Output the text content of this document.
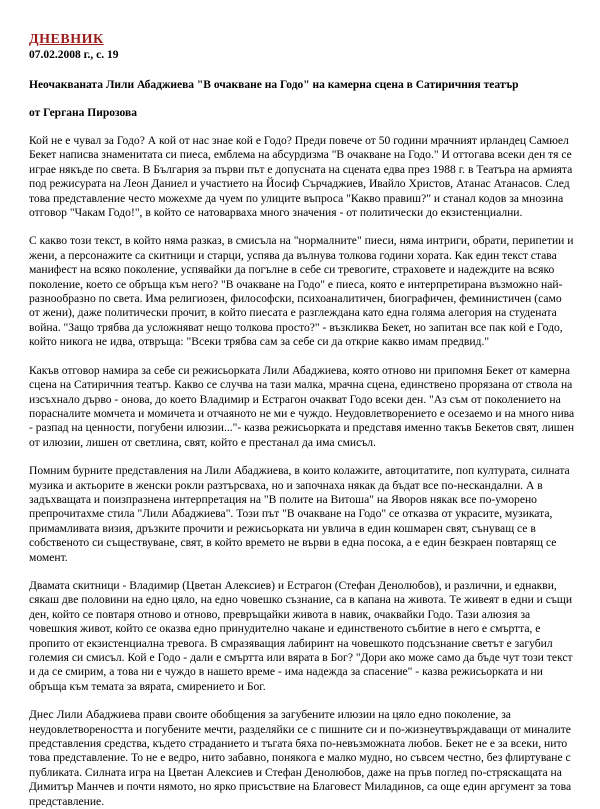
ДНЕВНИК
07.02.2008 г., с. 19
Неочакваната Лили Абаджиева "В очакване на Годо" на камерна сцена в Сатиричния театър
от Гергана Пирозова

Кой не е чувал за Годо? А кой от нас знае кой е Годо? Преди повече от 50 години мрачният ирландец Самюел Бекет написва знаменитата си пиеса, емблема на абсурдизма "В очакване на Годо." И оттогава всеки ден тя се играе някъде по света. В България за първи път е допусната на сцената едва през 1988 г. в Театъра на армията под режисурата на Леон Даниел и участието на Йосиф Сърчаджиев, Ивайло Христов, Атанас Атанасов. След това представление често можехме да чуем по улиците въпроса "Какво правиш?" и станал кодов за мнозина отговор "Чакам Годо!", в който се натоварваха много значения - от политически до екзистенциални.

С какво този текст, в който няма разказ, в смисъла на "нормалните" пиеси, няма интриги, обрати, перипетии и жени, а персонажите са скитници и старци, успява да вълнува толкова години хората. Как един текст става манифест на всяко поколение, успявайки да погълне в себе си тревогите, страховете и надеждите на всяко поколение, което се обръща към него? "В очакване на Годо" е пиеса, която е интерпретирана възможно най-разнообразно по света. Има религиозен, философски, психоаналитичен, биографичен, феминистичен (само от жени), даже политически прочит, в който пиесата е разглеждана като една голяма алегория на студената война. "Защо трябва да усложняват нещо толкова просто?" - възкликва Бекет, но запитан все пак кой е Годо, който никога не идва, отвръща: "Всеки трябва сам за себе си да открие какво имам предвид."

Какъв отговор намира за себе си режисьорката Лили Абаджиева, която отново ни припомня Бекет от камерна сцена на Сатиричния театър. Какво се случва на тази малка, мрачна сцена, единствено прорязана от ствола на изсъхнало дърво - онова, до което Владимир и Естрагон очакват Годо всеки ден. "Аз съм от поколението на порасналите момчета и момичета и отчаяното не ми е чуждо. Неудовлетворението е осезаемо и на много нива - разпад на ценности, погубени илюзии..."- казва режисьорката и представя именно такъв Бекетов свят, лишен от илюзии, лишен от светлина, свят, който е престанал да има смисъл.

Помним бурните представления на Лили Абаджиева, в които колажите, автоцитатите, поп културата, силната музика и актьорите в женски рокли разтърсваха, но и започнаха някак да бъдат все по-нескандални. А в задъхващата и поизпразнена интерпретация на "В полите на Витоша" на Яворов някак все по-уморено препрочитахме стила "Лили Абаджиева". Този път "В очакване на Годо" се отказва от украсите, музиката, примамливата визия, дръзките прочити и режисьорката ни увлича в един кошмарен свят, сънуващ се в собственото си съществуване, свят, в който времето не върви в една посока, а е един безкраен повтарящ се момент.

Двамата скитници - Владимир (Цветан Алексиев) и Естрагон (Стефан Денолюбов), и различни, и еднакви, сякаш две половини на едно цяло, на едно човешко съзнание, са в капана на живота. Те живеят в едни и същи ден, който се повтаря отново и отново, превръщайки живота в навик, очаквайки Годо. Тази алюзия за човешкия живот, който се оказва едно принудително чакане и единственото събитие в него е смъртта, е пропито от екзистенциална тревога. В смразяващия лабиринт на човешкото подсъзнание светът е загубил големия си смисъл. Кой е Годо - дали е смъртта или вярата в Бог? "Дори ако може само да бъде чут този текст и да се смирим, а това ни е чуждо в нашето време - има надежда за спасение" - казва режисьорката и ни обръща към темата за вярата, смирението и Бог.

Днес Лили Абаджиева прави своите обобщения за загубените илюзии на цяло едно поколение, за неудовлетвореността и погубените мечти, разделяйки се с пишните си и по-жизнеутвърждаващи от миналите представления средства, където страданието и тъгата бяха по-невъзможната любов. Бекет не е за всеки, нито това представление. То не е ведро, нито забавно, понякога е малко мудно, но съвсем честно, без флиртуване с публиката. Силната игра на Цветан Алексиев и Стефан Денолюбов, даже на пръв поглед по-стряскащата на Димитър Манчев и почти нямото, но ярко присъствие на Благовест Миладинов, са още един аргумент за това представление.
